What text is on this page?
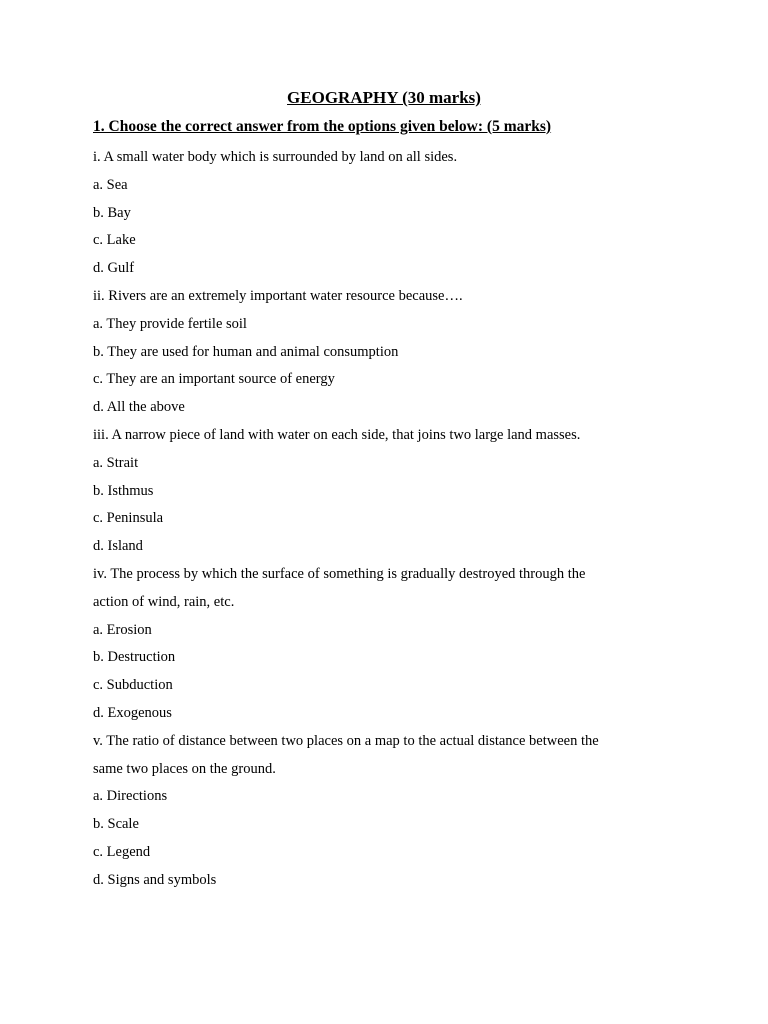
GEOGRAPHY (30 marks)
1. Choose the correct answer from the options given below: (5 marks)
i. A small water body which is surrounded by land on all sides.
a. Sea
b. Bay
c. Lake
d. Gulf
ii. Rivers are an extremely important water resource because….
a. They provide fertile soil
b. They are used for human and animal consumption
c. They are an important source of energy
d. All the above
iii. A narrow piece of land with water on each side, that joins two large land masses.
a. Strait
b. Isthmus
c. Peninsula
d. Island
iv. The process by which the surface of something is gradually destroyed through the
action of wind, rain, etc.
a. Erosion
b. Destruction
c. Subduction
d. Exogenous
v. The ratio of distance between two places on a map to the actual distance between the
same two places on the ground.
a. Directions
b. Scale
c. Legend
d. Signs and symbols
